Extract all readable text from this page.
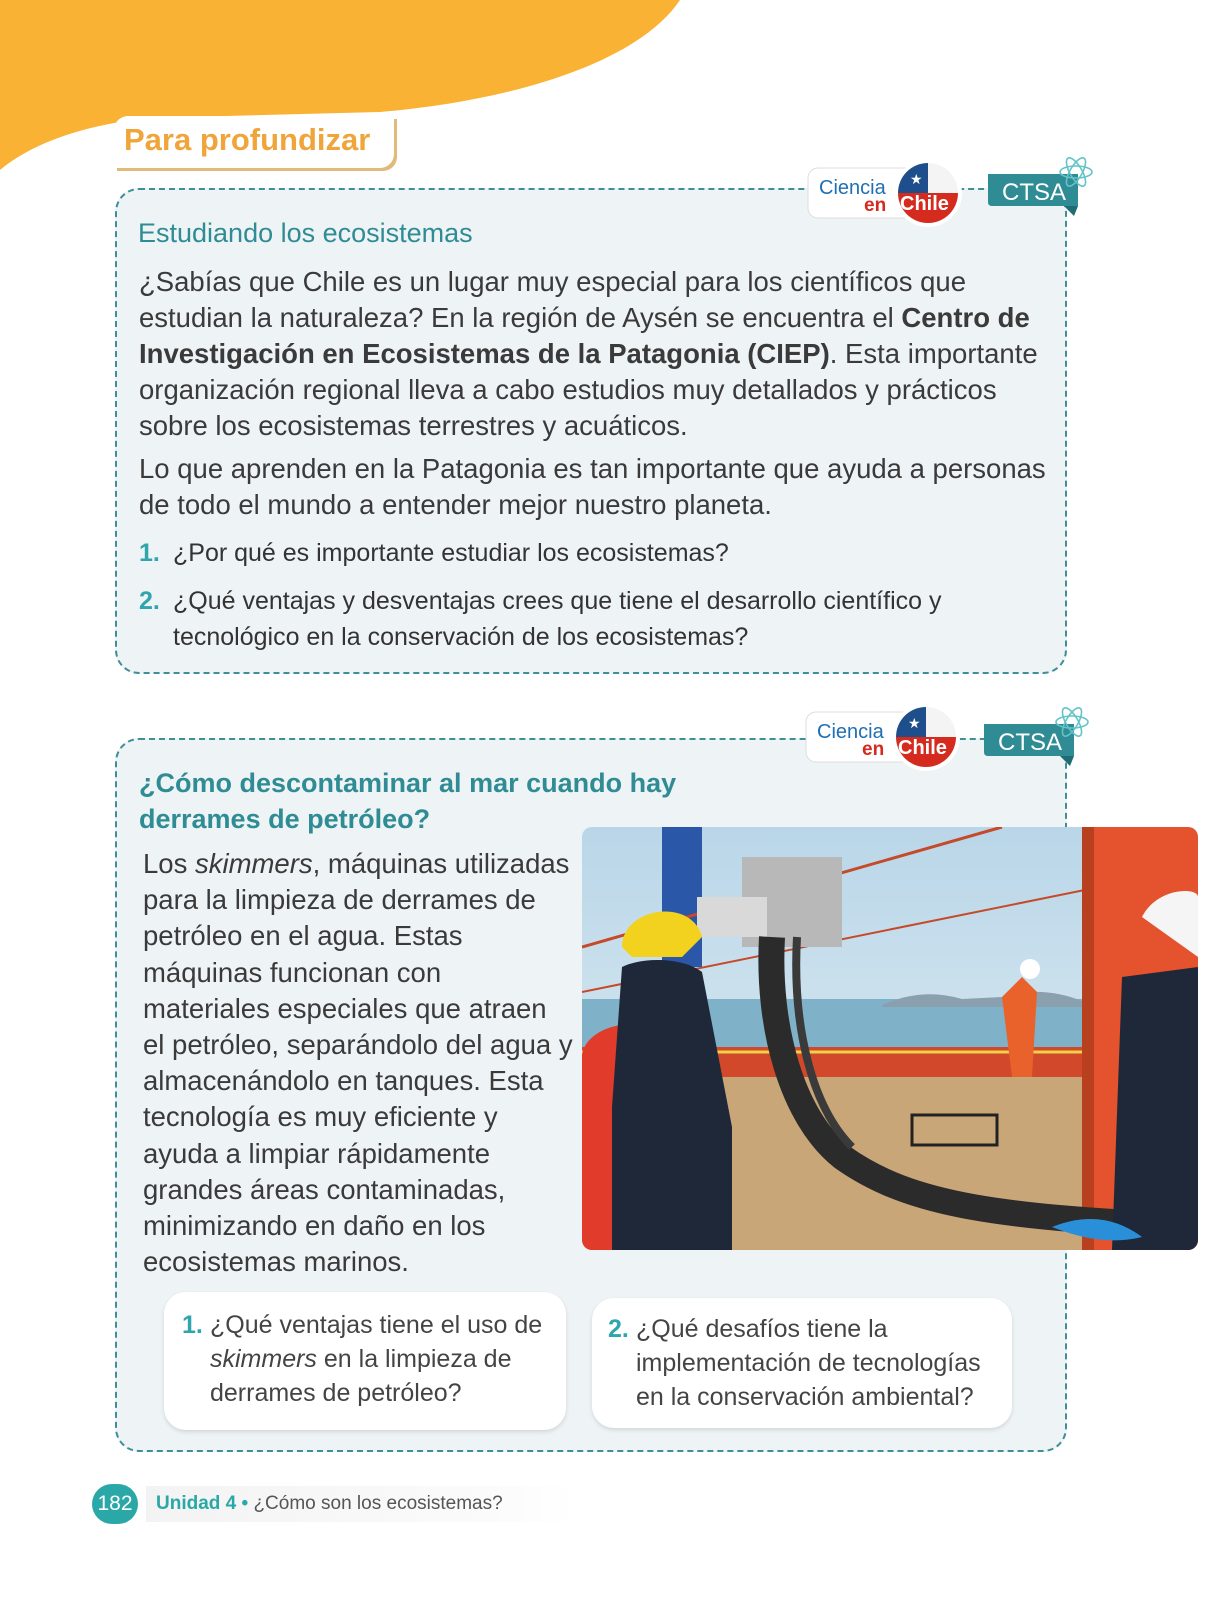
Para profundizar
★
Ciencia
en Chile CTSA
Estudiando los ecosistemas

¿Sabías que Chile es un lugar muy especial para los científicos que estudian la naturaleza? En la región de Aysén se encuentra el Centro de Investigación en Ecosistemas de la Patagonia (CIEP). Esta importante organización regional lleva a cabo estudios muy detallados y prácticos sobre los ecosistemas terrestres y acuáticos.

Lo que aprenden en la Patagonia es tan importante que ayuda a personas de todo el mundo a entender mejor nuestro planeta.

1. ¿Por qué es importante estudiar los ecosistemas?
2. ¿Qué ventajas y desventajas crees que tiene el desarrollo científico y tecnológico en la conservación de los ecosistemas?
★
Ciencia
en Chile CTSA
¿Cómo descontaminar al mar cuando hay derrames de petróleo?

Los skimmers, máquinas utilizadas para la limpieza de derrames de petróleo en el agua. Estas máquinas funcionan con materiales especiales que atraen el petróleo, separándolo del agua y almacenándolo en tanques. Esta tecnología es muy eficiente y ayuda a limpiar rápidamente grandes áreas contaminadas, minimizando en daño en los ecosistemas marinos.

1. ¿Qué ventajas tiene el uso de skimmers en la limpieza de derrames de petróleo?
2. ¿Qué desafíos tiene la implementación de tecnologías en la conservación ambiental?
182 Unidad 4 • ¿Cómo son los ecosistemas?
